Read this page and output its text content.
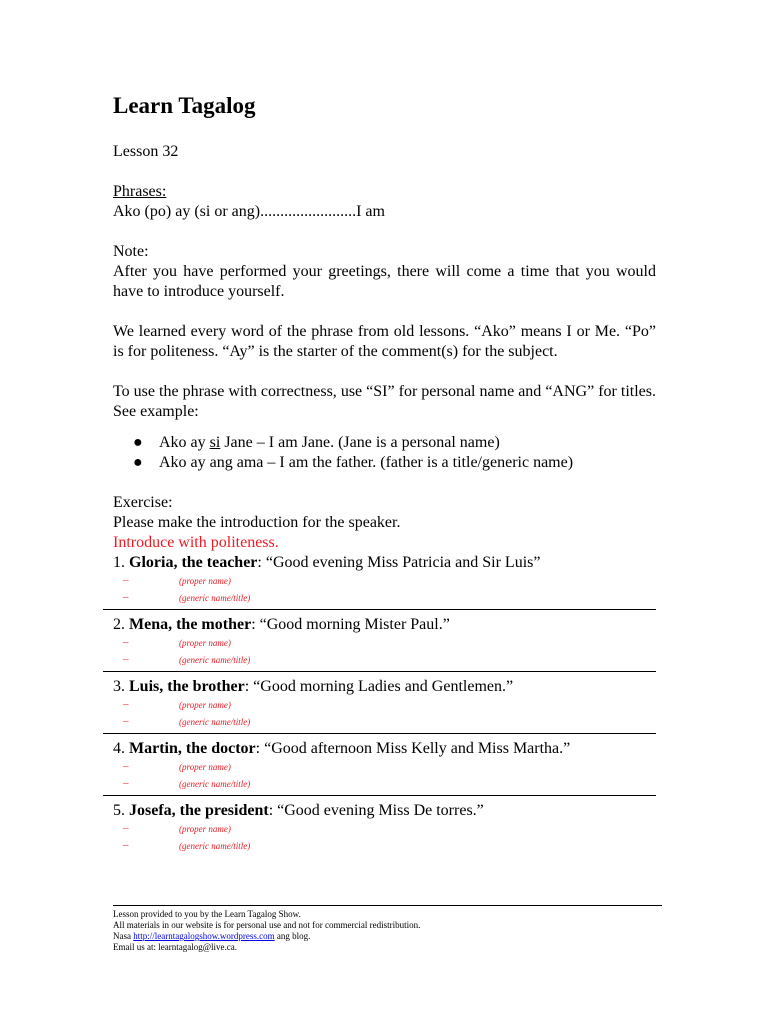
Learn Tagalog
Lesson 32
Phrases:
Ako (po) ay (si or ang)........................I am
Note:
After you have performed your greetings, there will come a time that you would have to introduce yourself.
We learned every word of the phrase from old lessons. “Ako” means I or Me. “Po” is for politeness. “Ay” is the starter of the comment(s) for the subject.
To use the phrase with correctness, use “SI” for personal name and “ANG” for titles. See example:
● Ako ay si Jane – I am Jane. (Jane is a personal name)
● Ako ay ang ama – I am the father. (father is a title/generic name)
Exercise:
Please make the introduction for the speaker.
Introduce with politeness.
1. Gloria, the teacher: “Good evening Miss Patricia and Sir Luis”
–	(proper name)
–	(generic name/title)
2. Mena, the mother: “Good morning Mister Paul.”
–	(proper name)
–	(generic name/title)
3. Luis, the brother: “Good morning Ladies and Gentlemen.”
–	(proper name)
–	(generic name/title)
4. Martin, the doctor: “Good afternoon Miss Kelly and Miss Martha.”
–	(proper name)
–	(generic name/title)
5. Josefa, the president: “Good evening Miss De torres.”
–	(proper name)
–	(generic name/title)
Lesson provided to you by the Learn Tagalog Show.
All materials in our website is for personal use and not for commercial redistribution.
Nasa http://learntagalogshow.wordpress.com ang blog.
Email us at: learntagalog@live.ca.
